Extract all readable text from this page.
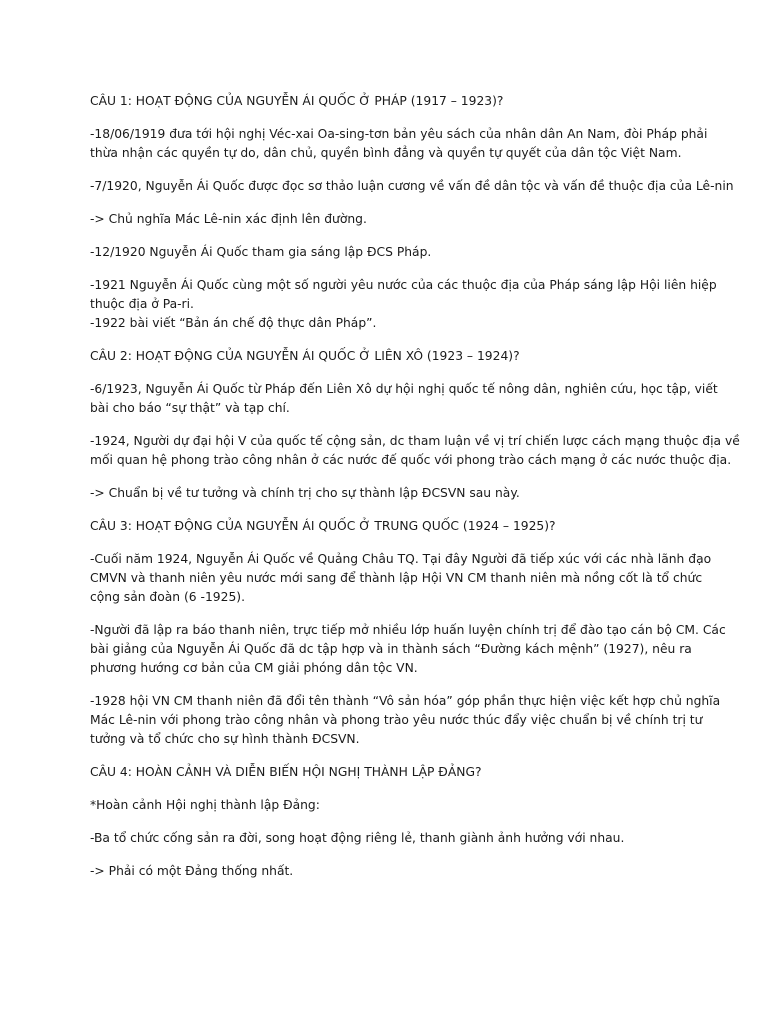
CÂU 1: HOẠT ĐỘNG CỦA NGUYỄN ÁI QUỐC Ở PHÁP (1917 – 1923)?

-18/06/1919 đưa tới hội nghị Véc-xai Oa-sing-tơn bản yêu sách của nhân dân An Nam, đòi Pháp phải
thừa nhận các quyền tự do, dân chủ, quyền bình đẳng và quyền tự quyết của dân tộc Việt Nam.

-7/1920, Nguyễn Ái Quốc được đọc sơ thảo luận cương về vấn đề dân tộc và vấn đề thuộc địa của Lê-nin

-> Chủ nghĩa Mác Lê-nin xác định lên đường.

-12/1920 Nguyễn Ái Quốc tham gia sáng lập ĐCS Pháp.

-1921 Nguyễn Ái Quốc cùng một số người yêu nước của các thuộc địa của Pháp sáng lập Hội liên hiệp
thuộc địa ở Pa-ri.

-1922 bài viết “Bản án chế độ thực dân Pháp”.

CÂU 2: HOẠT ĐỘNG CỦA NGUYỄN ÁI QUỐC Ở LIÊN XÔ (1923 – 1924)?

-6/1923, Nguyễn Ái Quốc từ Pháp đến Liên Xô dự hội nghị quốc tế nông dân, nghiên cứu, học tập, viết
bài cho báo “sự thật” và tạp chí.

-1924, Người dự đại hội V của quốc tế cộng sản, dc tham luận về vị trí chiến lược cách mạng thuộc địa về
mối quan hệ phong trào công nhân ở các nước đế quốc với phong trào cách mạng ở các nước thuộc địa.

-> Chuẩn bị về tư tưởng và chính trị cho sự thành lập ĐCSVN sau này.

CÂU 3: HOẠT ĐỘNG CỦA NGUYỄN ÁI QUỐC Ở TRUNG QUỐC (1924 – 1925)?

-Cuối năm 1924, Nguyễn Ái Quốc về Quảng Châu TQ. Tại đây Người đã tiếp xúc với các nhà lãnh đạo
CMVN và thanh niên yêu nước mới sang để thành lập Hội VN CM thanh niên mà nồng cốt là tổ chức
cộng sản đoàn (6 -1925).

-Người đã lập ra báo thanh niên, trực tiếp mở nhiều lớp huấn luyện chính trị để đào tạo cán bộ CM. Các
bài giảng của Nguyễn Ái Quốc đã dc tập hợp và in thành sách “Đường kách mệnh” (1927), nêu ra
phương hướng cơ bản của CM giải phóng dân tộc VN.

-1928 hội VN CM thanh niên đã đổi tên thành “Vô sản hóa” góp phần thực hiện việc kết hợp chủ nghĩa
Mác Lê-nin với phong trào công nhân và phong trào yêu nước thúc đẩy việc chuẩn bị về chính trị tư
tưởng và tổ chức cho sự hình thành ĐCSVN.

CÂU 4: HOÀN CẢNH VÀ DIỄN BIẾN HỘI NGHỊ THÀNH LẬP ĐẢNG?

*Hoàn cảnh Hội nghị thành lập Đảng:

-Ba tổ chức cống sản ra đời, song hoạt động riêng lẻ, thanh giành ảnh hưởng với nhau.

-> Phải có một Đảng thống nhất.
